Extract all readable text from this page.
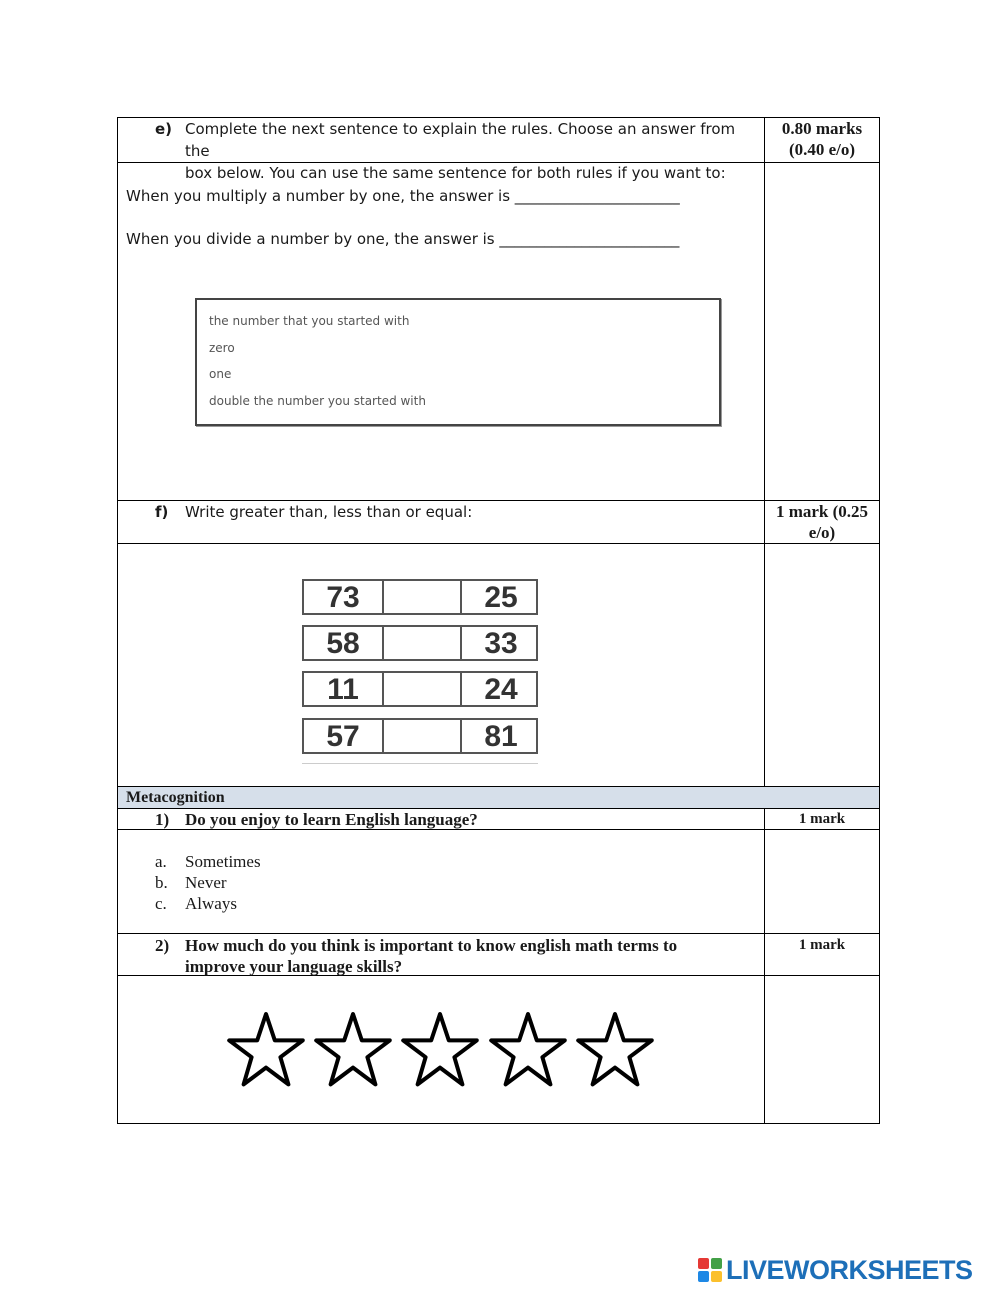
e) Complete the next sentence to explain the rules. Choose an answer from the
box below. You can use the same sentence for both rules if you want to:
0.80 marks
(0.40 e/o)
When you multiply a number by one, the answer is ______________________
When you divide a number by one, the answer is ________________________
the number that you started with
zero
one
double the number you started with
f) Write greater than, less than or equal:	1 mark (0.25
e/o)
73	25
58	33
11	24
57	81
Metacognition
1) Do you enjoy to learn English language?	1 mark
a. Sometimes
b. Never
c. Always
2) How much do you think is important to know english math terms to
improve your language skills?
1 mark
LIVEWORKSHEETS
